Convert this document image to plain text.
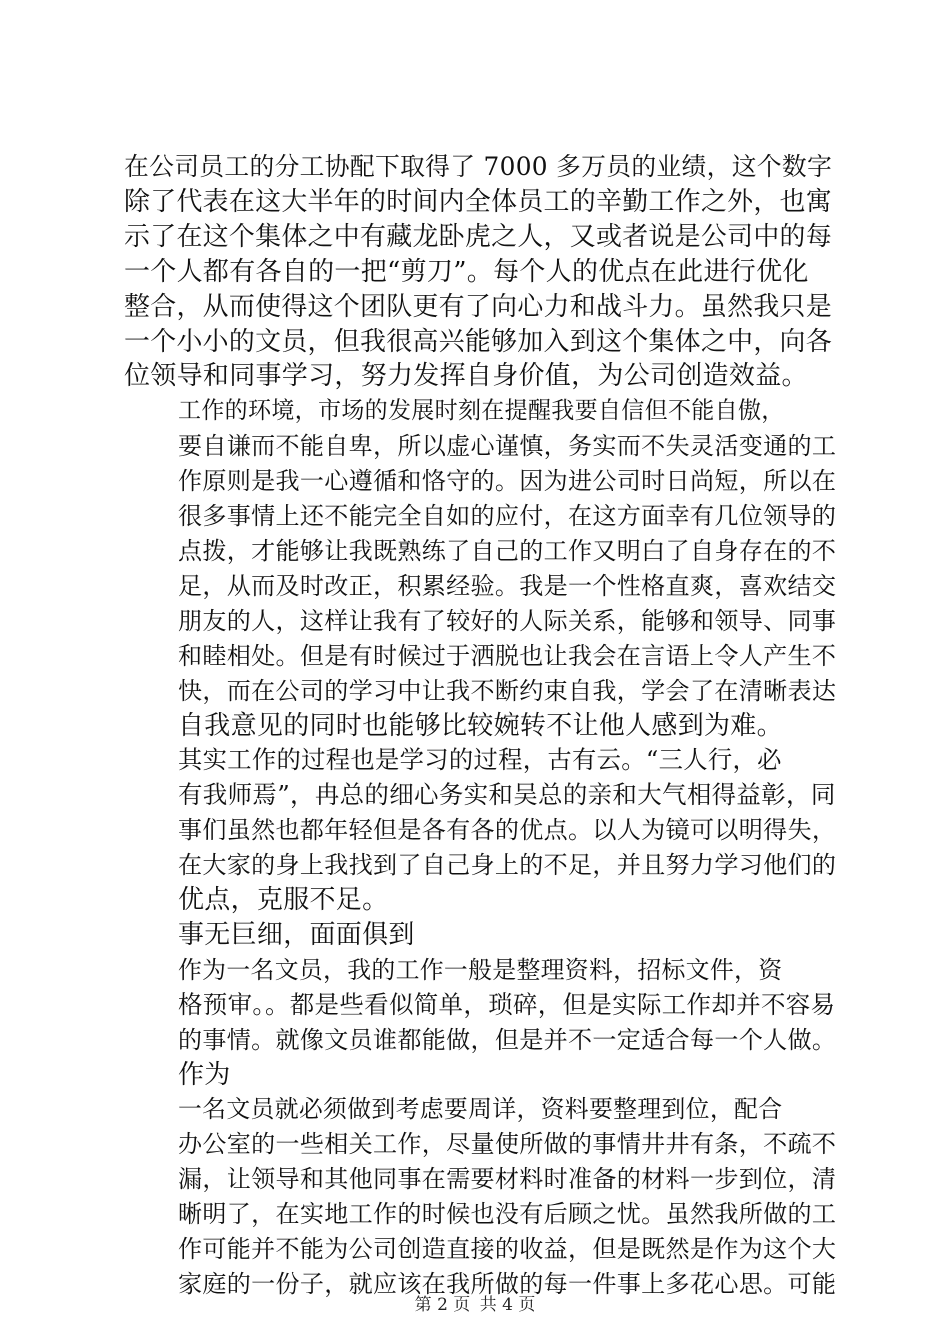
在公司员工的分工协配下取得了 7000 多万员的业绩，这个数字
除了代表在这大半年的时间内全体员工的辛勤工作之外，也寓
示了在这个集体之中有藏龙卧虎之人，又或者说是公司中的每
一个人都有各自的一把“剪刀”。每个人的优点在此进行优化
整合，从而使得这个团队更有了向心力和战斗力。虽然我只是
一个小小的文员，但我很高兴能够加入到这个集体之中，向各
位领导和同事学习，努力发挥自身价值，为公司创造效益。

工作的环境，市场的发展时刻在提醒我要自信但不能自傲，
要自谦而不能自卑，所以虚心谨慎，务实而不失灵活变通的工
作原则是我一心遵循和恪守的。因为进公司时日尚短，所以在
很多事情上还不能完全自如的应付，在这方面幸有几位领导的
点拨，才能够让我既熟练了自己的工作又明白了自身存在的不
足，从而及时改正，积累经验。我是一个性格直爽，喜欢结交
朋友的人，这样让我有了较好的人际关系，能够和领导、同事
和睦相处。但是有时候过于洒脱也让我会在言语上令人产生不
快，而在公司的学习中让我不断约束自我，学会了在清晰表达
自我意见的同时也能够比较婉转不让他人感到为难。

其实工作的过程也是学习的过程，古有云。“三人行，必
有我师焉”，冉总的细心务实和吴总的亲和大气相得益彰，同
事们虽然也都年轻但是各有各的优点。以人为镜可以明得失，
在大家的身上我找到了自己身上的不足，并且努力学习他们的
优点，克服不足。

事无巨细，面面俱到

作为一名文员，我的工作一般是整理资料，招标文件，资
格预审。。都是些看似简单，琐碎，但是实际工作却并不容易
的事情。就像文员谁都能做，但是并不一定适合每一个人做。
作为

一名文员就必须做到考虑要周详，资料要整理到位，配合
办公室的一些相关工作，尽量使所做的事情井井有条，不疏不
漏，让领导和其他同事在需要材料时准备的材料一步到位，清
晰明了，在实地工作的时候也没有后顾之忧。虽然我所做的工
作可能并不能为公司创造直接的收益，但是既然是作为这个大
家庭的一份子，就应该在我所做的每一件事上多花心思。可能

第 2 页 共 4 页
